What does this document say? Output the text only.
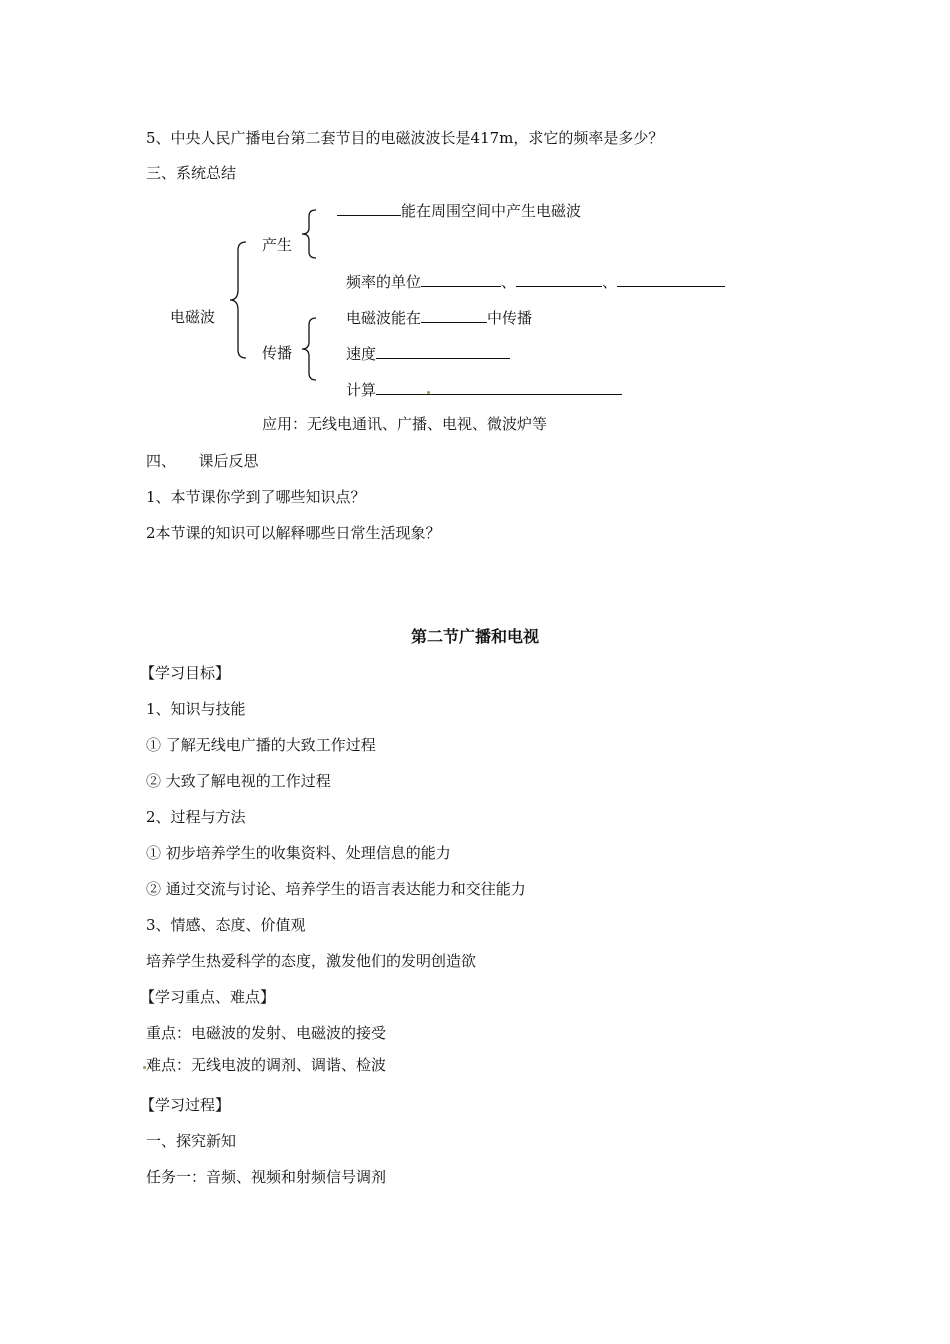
5、中央人民广播电台第二套节目的电磁波波长是417m，求它的频率是多少？
三、系统总结
电磁波
产生
能在周围空间中产生电磁波
频率的单位	、	、
传播
电磁波能在	中传播
速度
计算
应用：无线电通讯、广播、电视、微波炉等
四、　　课后反思
1、本节课你学到了哪些知识点？
2本节课的知识可以解释哪些日常生活现象？
第二节广播和电视
【学习目标】
1、知识与技能
① 了解无线电广播的大致工作过程
② 大致了解电视的工作过程
2、过程与方法
① 初步培养学生的收集资料、处理信息的能力
② 通过交流与讨论、培养学生的语言表达能力和交往能力
3、情感、态度、价值观
培养学生热爱科学的态度，激发他们的发明创造欲
【学习重点、难点】
重点：电磁波的发射、电磁波的接受
难点：无线电波的调剂、调谐、检波
【学习过程】
一、探究新知
任务一：音频、视频和射频信号调剂
